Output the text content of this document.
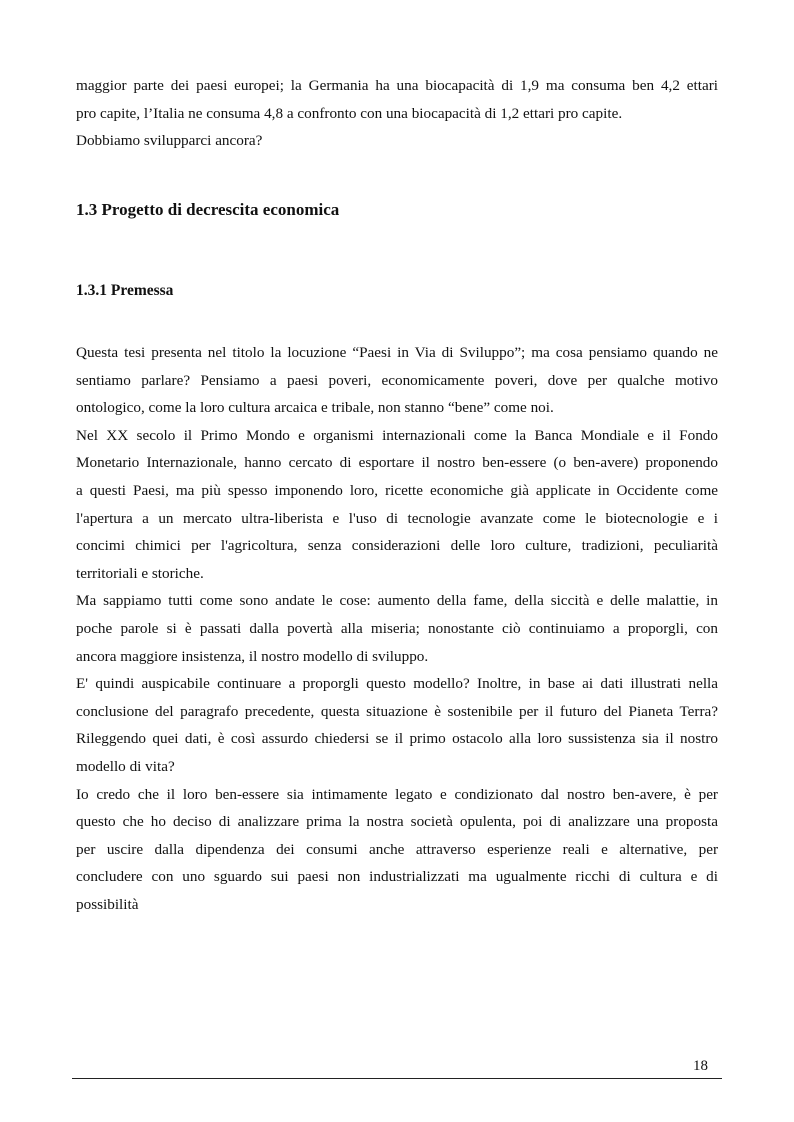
maggior parte dei paesi europei; la Germania ha una biocapacità di 1,9 ma consuma ben 4,2 ettari
pro capite, l’Italia ne consuma 4,8 a confronto con una biocapacità di 1,2 ettari pro capite.
Dobbiamo svilupparci ancora?

1.3 Progetto di decrescita economica
1.3.1 Premessa

Questa tesi presenta nel titolo la locuzione “Paesi in Via di Sviluppo”; ma cosa pensiamo quando ne
sentiamo parlare? Pensiamo a paesi poveri, economicamente poveri, dove per qualche motivo
ontologico, come la loro cultura arcaica e tribale, non stanno “bene” come noi.

Nel XX secolo il Primo Mondo e organismi internazionali come la Banca Mondiale e il Fondo
Monetario Internazionale, hanno cercato di esportare il nostro ben-essere (o ben-avere) proponendo
a questi Paesi, ma più spesso imponendo loro, ricette economiche già applicate in Occidente come
l'apertura a un mercato ultra-liberista e l'uso di tecnologie avanzate come le biotecnologie e i
concimi chimici per l'agricoltura, senza considerazioni delle loro culture, tradizioni, peculiarità
territoriali e storiche.

Ma sappiamo tutti come sono andate le cose: aumento della fame, della siccità e delle malattie, in
poche parole si è passati dalla povertà alla miseria; nonostante ciò continuiamo a proporgli, con
ancora maggiore insistenza, il nostro modello di sviluppo.

E' quindi auspicabile continuare a proporgli questo modello? Inoltre, in base ai dati illustrati nella
conclusione del paragrafo precedente, questa situazione è sostenibile per il futuro del Pianeta Terra?
Rileggendo quei dati, è così assurdo chiedersi se il primo ostacolo alla loro sussistenza sia il nostro
modello di vita?

Io credo che il loro ben-essere sia intimamente legato e condizionato dal nostro ben-avere, è per
questo che ho deciso di analizzare prima la nostra società opulenta, poi di analizzare una proposta
per uscire dalla dipendenza dei consumi anche attraverso esperienze reali e alternative, per
concludere con uno sguardo sui paesi non industrializzati ma ugualmente ricchi di cultura e di
possibilità

18
